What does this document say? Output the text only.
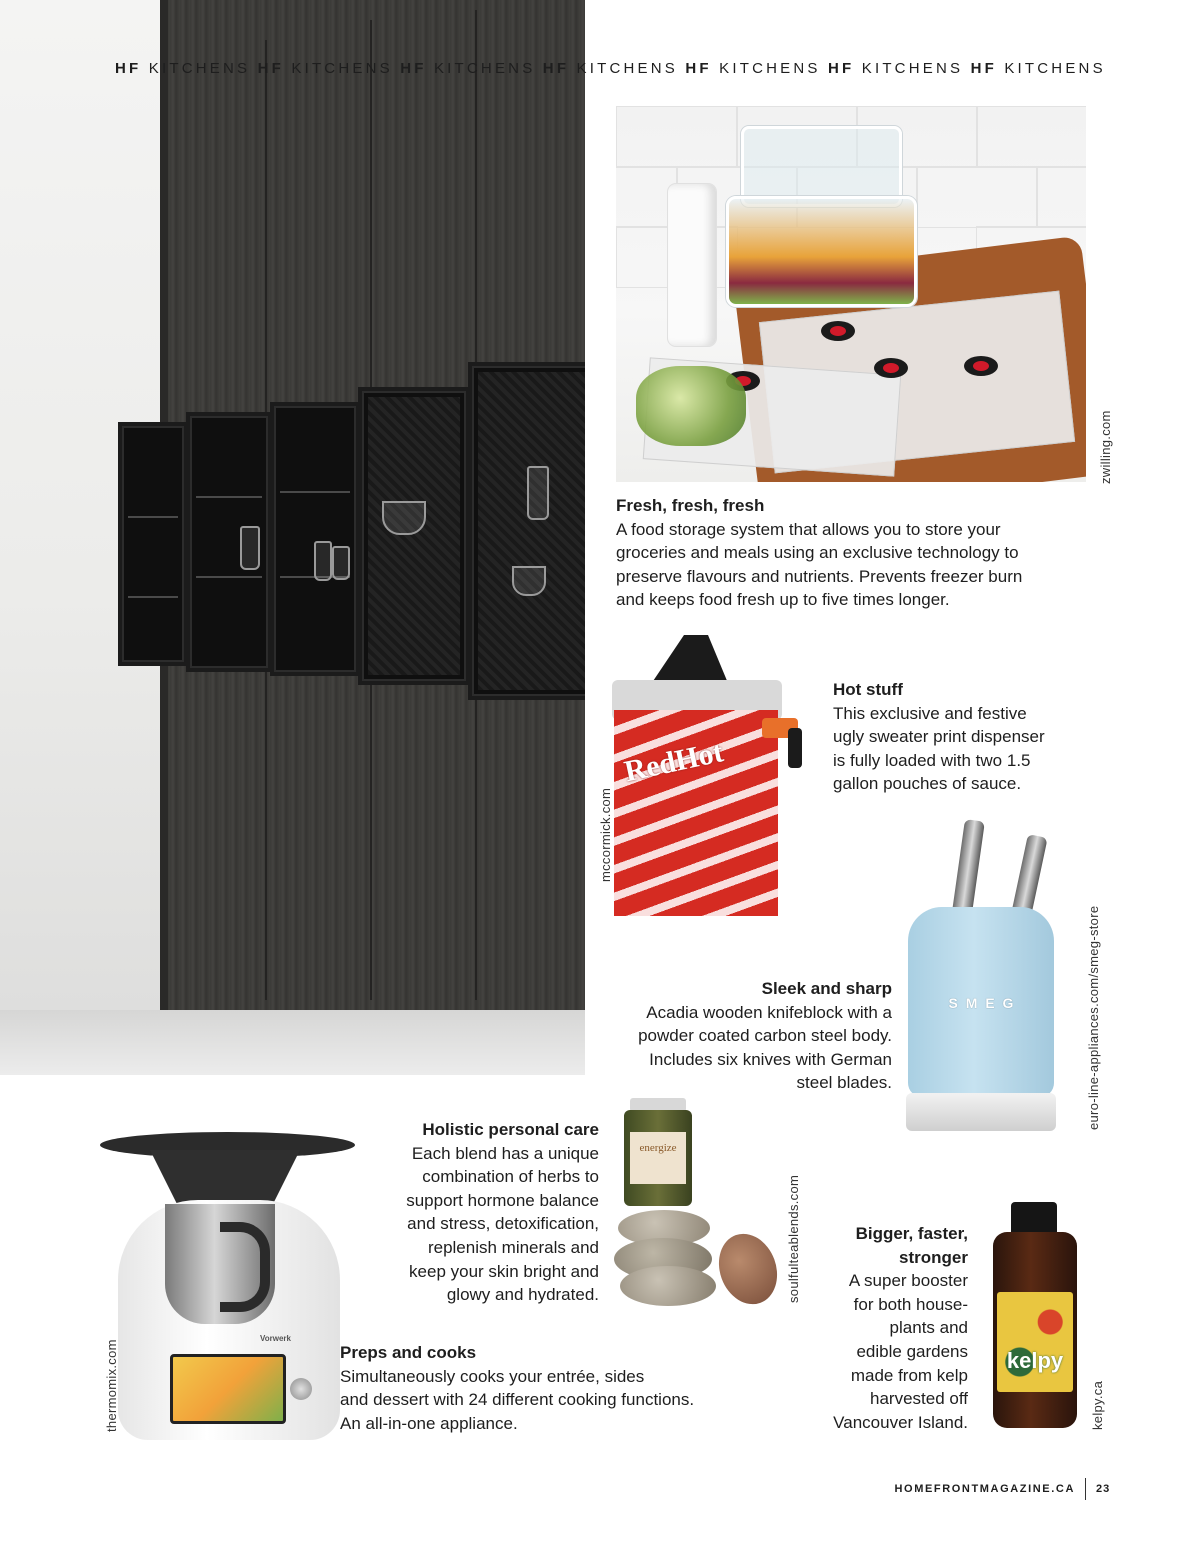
HF KITCHENS HF KITCHENS HF KITCHENS HF KITCHENS HF KITCHENS HF KITCHENS HF KITCHENS
zwilling.com
Fresh, fresh, fresh

A food storage system that allows you to store your

groceries and meals using an exclusive technology to

preserve flavours and nutrients. Prevents freezer burn

and keeps food fresh up to five times longer.

RedHot
mccormick.com
Hot stuff

This exclusive and festive

ugly sweater print dispenser

is fully loaded with two 1.5

gallon pouches of sauce.

S M E G	euro-line-appliances.com/smeg-store
Sleek and sharp

Acadia wooden knifeblock with a

powder coated carbon steel body.

Includes six knives with German

steel blades.

energize
soulfulteablends.com
Holistic personal care

Each blend has a unique

combination of herbs to

support hormone balance

and stress, detoxification,

replenish minerals and

keep your skin bright and

glowy and hydrated.

Vorwerk
thermomix.com	Preps and cooks

Simultaneously cooks your entrée, sides

and dessert with 24 different cooking functions.

An all-in-one appliance.

kelpy
kelpy.ca
Bigger, faster,
stronger

A super booster

for both house-

plants and

edible gardens

made from kelp

harvested off

Vancouver Island.

HOMEFRONTMAGAZINE.CA 23
